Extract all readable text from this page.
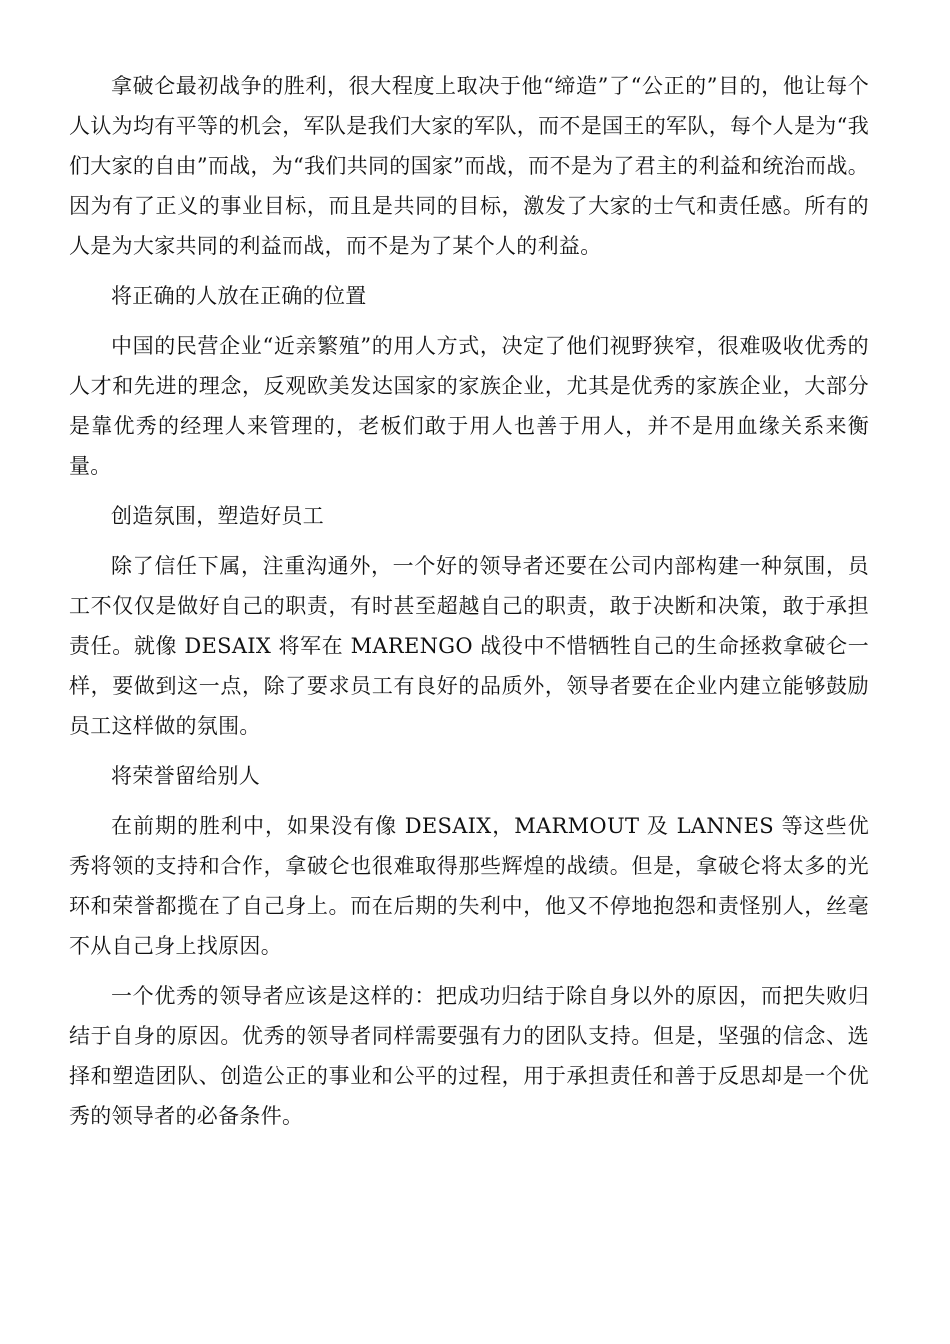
拿破仑最初战争的胜利，很大程度上取决于他“缔造”了“公正的”目的，他让每个人认为均有平等的机会，军队是我们大家的军队，而不是国王的军队，每个人是为“我们大家的自由”而战，为“我们共同的国家”而战，而不是为了君主的利益和统治而战。因为有了正义的事业目标，而且是共同的目标，激发了大家的士气和责任感。所有的人是为大家共同的利益而战，而不是为了某个人的利益。

将正确的人放在正确的位置

中国的民营企业“近亲繁殖”的用人方式，决定了他们视野狭窄，很难吸收优秀的人才和先进的理念，反观欧美发达国家的家族企业，尤其是优秀的家族企业，大部分是靠优秀的经理人来管理的，老板们敢于用人也善于用人，并不是用血缘关系来衡量。

创造氛围，塑造好员工

除了信任下属，注重沟通外，一个好的领导者还要在公司内部构建一种氛围，员工不仅仅是做好自己的职责，有时甚至超越自己的职责，敢于决断和决策，敢于承担责任。就像 DESAIX 将军在 MARENGO 战役中不惜牺牲自己的生命拯救拿破仑一样，要做到这一点，除了要求员工有良好的品质外，领导者要在企业内建立能够鼓励员工这样做的氛围。

将荣誉留给别人

在前期的胜利中，如果没有像 DESAIX，MARMOUT 及 LANNES 等这些优秀将领的支持和合作，拿破仑也很难取得那些辉煌的战绩。但是，拿破仑将太多的光环和荣誉都揽在了自己身上。而在后期的失利中，他又不停地抱怨和责怪别人，丝毫不从自己身上找原因。

一个优秀的领导者应该是这样的：把成功归结于除自身以外的原因，而把失败归结于自身的原因。优秀的领导者同样需要强有力的团队支持。但是，坚强的信念、选择和塑造团队、创造公正的事业和公平的过程，用于承担责任和善于反思却是一个优秀的领导者的必备条件。
